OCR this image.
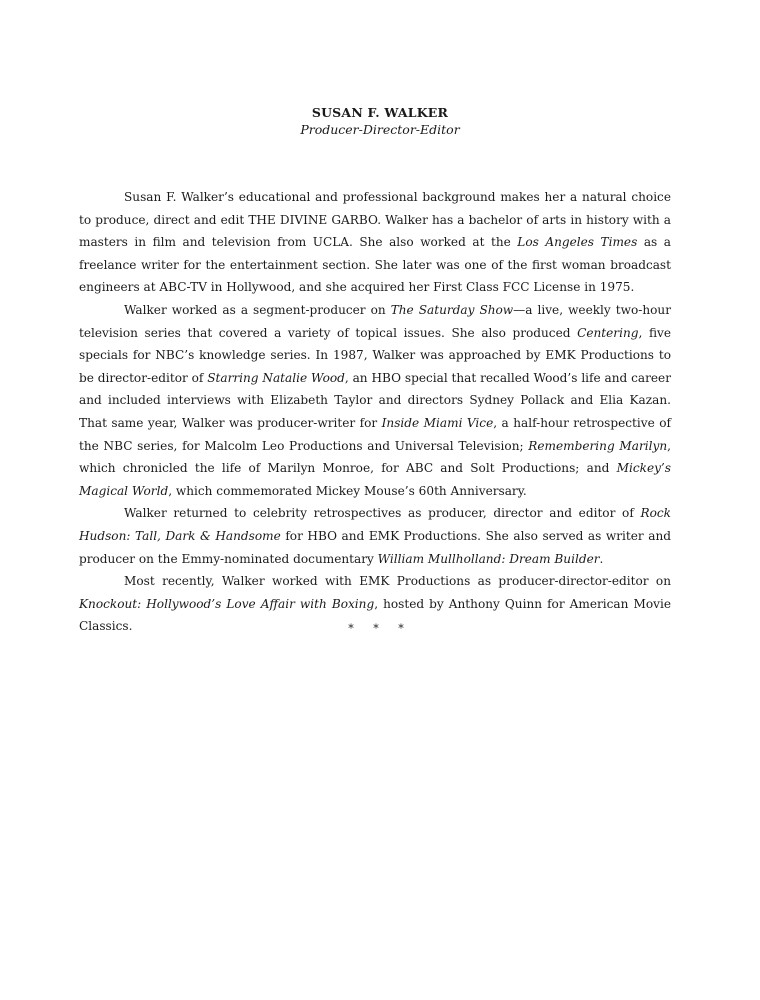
SUSAN F. WALKER
Producer-Director-Editor

Susan F. Walker’s educational and professional background makes her a natural choice to produce, direct and edit THE DIVINE GARBO. Walker has a bachelor of arts in history with a masters in film and television from UCLA. She also worked at the Los Angeles Times as a freelance writer for the entertainment section. She later was one of the first woman broadcast engineers at ABC-TV in Hollywood, and she acquired her First Class FCC License in 1975.

Walker worked as a segment-producer on The Saturday Show—a live, weekly two-hour television series that covered a variety of topical issues. She also produced Centering, five specials for NBC’s knowledge series. In 1987, Walker was approached by EMK Productions to be director-editor of Starring Natalie Wood, an HBO special that recalled Wood’s life and career and included interviews with Elizabeth Taylor and directors Sydney Pollack and Elia Kazan. That same year, Walker was producer-writer for Inside Miami Vice, a half-hour retrospective of the NBC series, for Malcolm Leo Productions and Universal Television; Remembering Marilyn, which chronicled the life of Marilyn Monroe, for ABC and Solt Productions; and Mickey’s Magical World, which commemorated Mickey Mouse’s 60th Anniversary.

Walker returned to celebrity retrospectives as producer, director and editor of Rock Hudson: Tall, Dark & Handsome for HBO and EMK Productions. She also served as writer and producer on the Emmy-nominated documentary William Mullholland: Dream Builder.

Most recently, Walker worked with EMK Productions as producer-director-editor on Knockout: Hollywood’s Love Affair with Boxing, hosted by Anthony Quinn for American Movie Classics.	* * *
